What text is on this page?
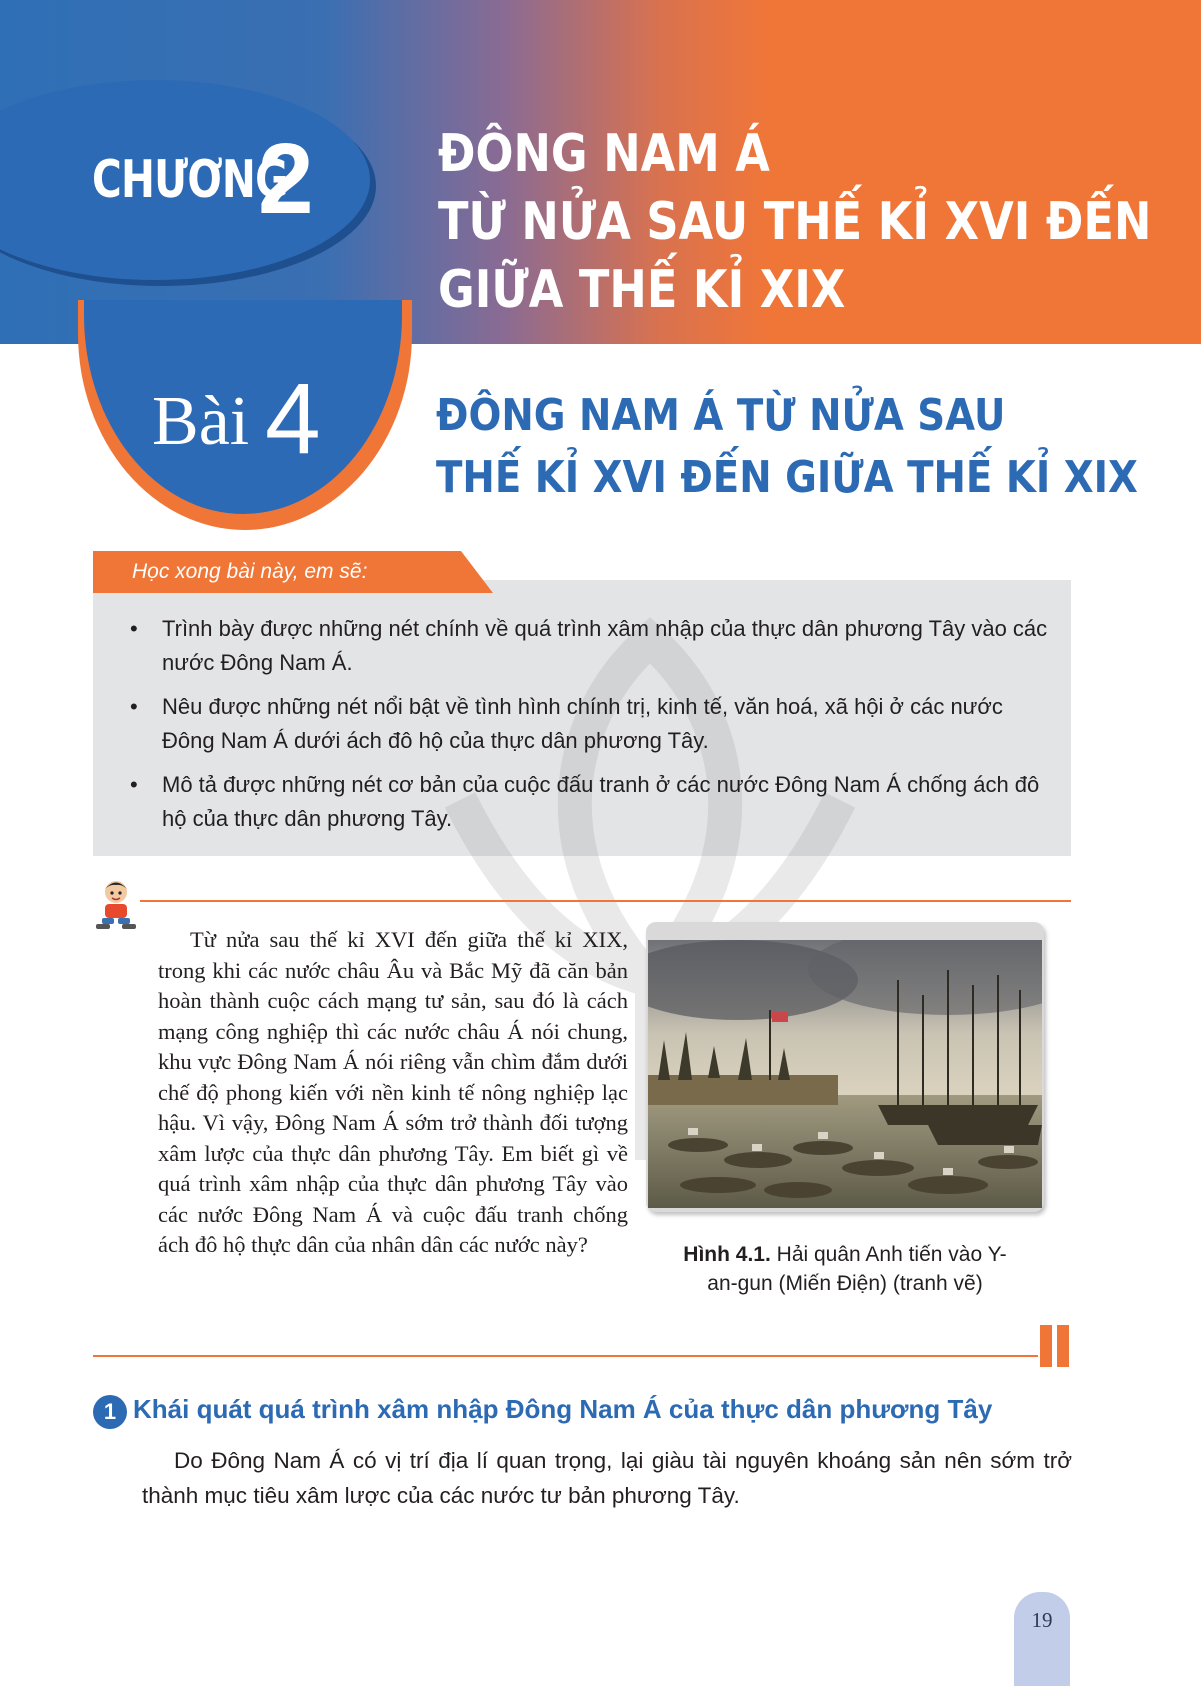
CHƯƠNG
2 ĐÔNG NAM Á
TỪ NỬA SAU THẾ KỈ XVI ĐẾN
GIỮA THẾ KỈ XIX
Bài 4	ĐÔNG NAM Á TỪ NỬA SAU
THẾ KỈ XVI ĐẾN GIỮA THẾ KỈ XIX
Học xong bài này, em sẽ:
• Trình bày được những nét chính về quá trình xâm nhập của thực dân phương Tây vào các nước Đông Nam Á.
• Nêu được những nét nổi bật về tình hình chính trị, kinh tế, văn hoá, xã hội ở các nước Đông Nam Á dưới ách đô hộ của thực dân phương Tây.
• Mô tả được những nét cơ bản của cuộc đấu tranh ở các nước Đông Nam Á chống ách đô hộ của thực dân phương Tây.

Từ nửa sau thế kỉ XVI đến giữa thế kỉ XIX, trong khi các nước châu Âu và Bắc Mỹ đã căn bản hoàn thành cuộc cách mạng tư sản, sau đó là cách mạng công nghiệp thì các nước châu Á nói chung, khu vực Đông Nam Á nói riêng vẫn chìm đắm dưới chế độ phong kiến với nền kinh tế nông nghiệp lạc hậu. Vì vậy, Đông Nam Á sớm trở thành đối tượng xâm lược của thực dân phương Tây. Em biết gì về quá trình xâm nhập của thực dân phương Tây vào các nước Đông Nam Á và cuộc đấu tranh chống ách đô hộ thực dân của nhân dân các nước này?	Hình 4.1. Hải quân Anh tiến vào Y-an-gun (Miến Điện) (tranh vẽ)
1 Khái quát quá trình xâm nhập Đông Nam Á của thực dân phương Tây

Do Đông Nam Á có vị trí địa lí quan trọng, lại giàu tài nguyên khoáng sản nên sớm trở thành mục tiêu xâm lược của các nước tư bản phương Tây.

19
